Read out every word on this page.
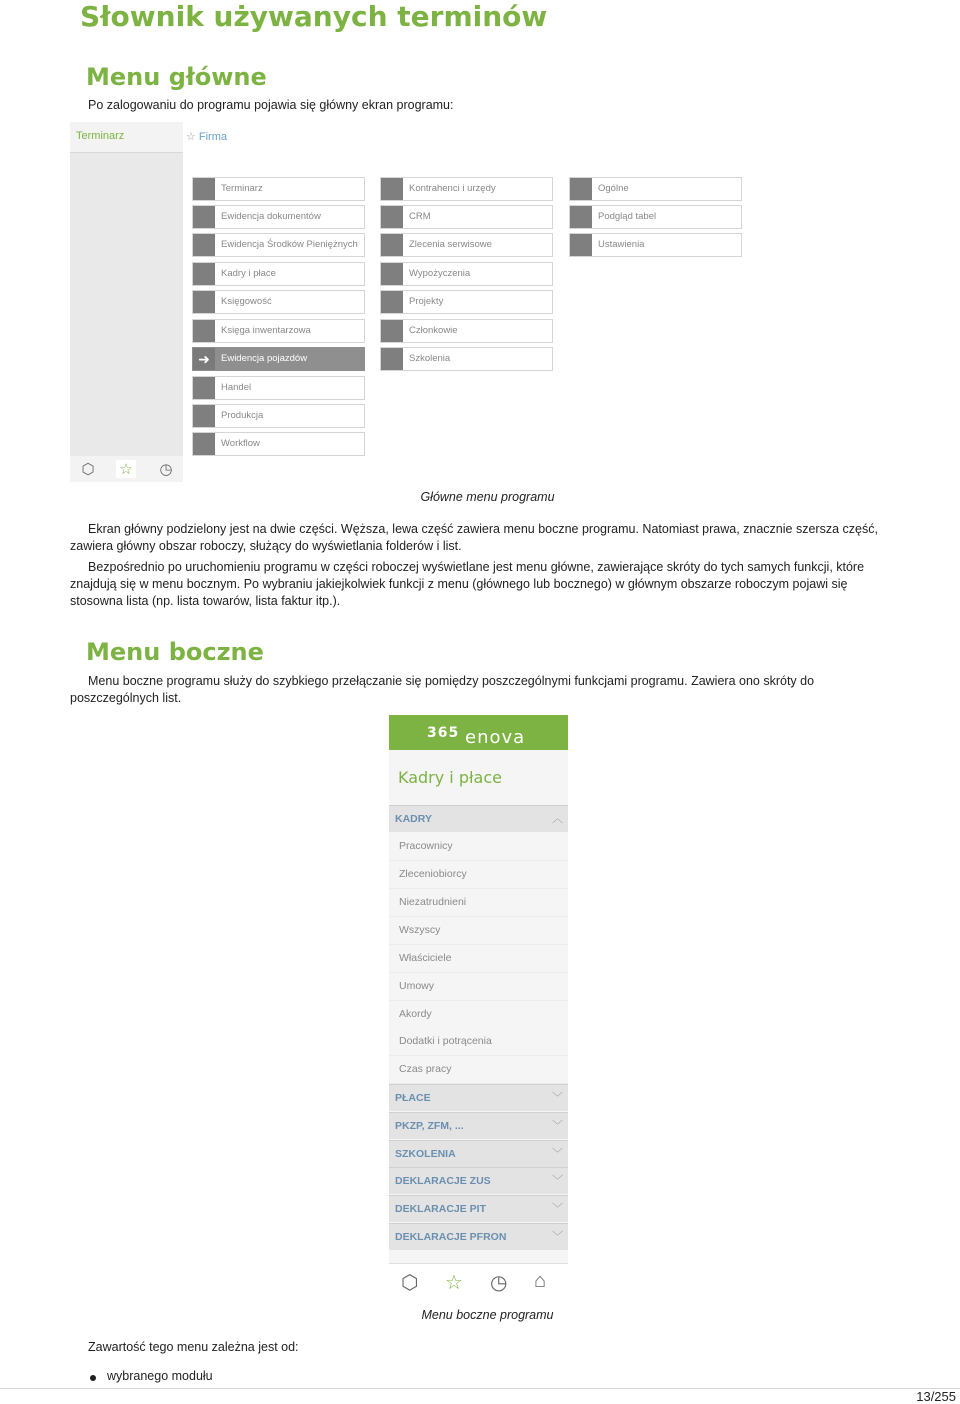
Słownik używanych terminów
Menu główne

Po zalogowaniu do programu pojawia się główny ekran programu:

Terminarz
⬡ ☆ ◷
☆ Firma
Terminarz
Ewidencja dokumentów
Ewidencja Środków Pieniężnych
Kadry i płace
Księgowość
Księga inwentarzowa
➜	Ewidencja pojazdów
Handel
Produkcja
Workflow
Kontrahenci i urzędy
CRM
Zlecenia serwisowe
Wypożyczenia
Projekty
Członkowie
Szkolenia
Ogólne
Podgląd tabel
Ustawienia
Główne menu programu

Ekran główny podzielony jest na dwie części. Węższa, lewa część zawiera menu boczne programu. Natomiast prawa, znacznie szersza część, zawiera główny obszar roboczy, służący do wyświetlania folderów i list.

Bezpośrednio po uruchomieniu programu w części roboczej wyświetlane jest menu główne, zawierające skróty do tych samych funkcji, które znajdują się w menu bocznym. Po wybraniu jakiejkolwiek funkcji z menu (głównego lub bocznego) w głównym obszarze roboczym pojawi się stosowna lista (np. lista towarów, lista faktur itp.).

Menu boczne

Menu boczne programu służy do szybkiego przełączanie się pomiędzy poszczególnymi funkcjami programu. Zawiera ono skróty do poszczególnych list.

enova
365
Kadry i płace
KADRY	︿
Pracownicy
Zleceniobiorcy
Niezatrudnieni
Wszyscy
Właściciele
Umowy
Akordy
Dodatki i potrącenia
Czas pracy
PŁACE	﹀
PKZP, ZFM, ...	﹀
SZKOLENIA	﹀
DEKLARACJE ZUS	﹀
DEKLARACJE PIT	﹀
DEKLARACJE PFRON	﹀
⬡ ☆ ◷ ⌂
Menu boczne programu

Zawartość tego menu zależna jest od:

wybranego modułu
13/255
